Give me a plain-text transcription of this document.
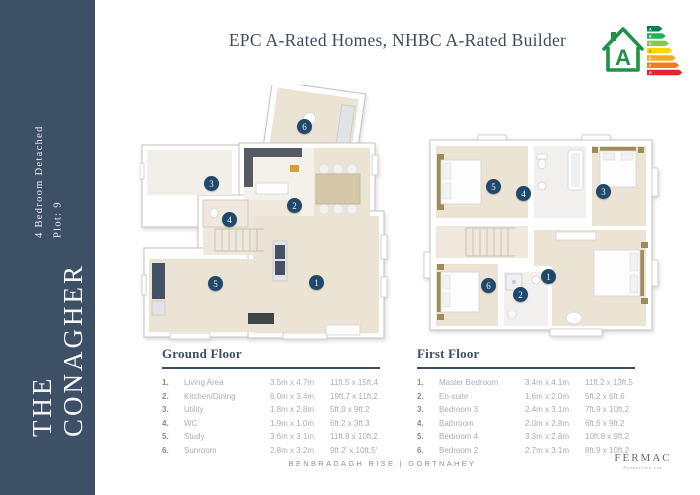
4 Bedroom Detached Plot: 9
THE CONAGHER
EPC A-Rated Homes, NHBC A-Rated Builder
A
A
B
C
D
E
F
G
1
2
3
4
5
6
1
2
3
4
5
6
Ground Floor
1.	Living Area	3.5m x 4.7m	11ft.5 x 15ft.4
2.	Kitchen/Dining	6.0m x 3.4m	19ft.7 x 11ft.2
3.	Utility	1.8m x 2.8m	5ft.9 x 9ft.2
4.	WC	1.9m x 1.0m	6ft.2 x 3ft.3
5.	Study	3.6m x 3.1m	11ft.8 x 10ft.2
6.	Sunroom	2.8m x 3.2m	9ft.2' x 10ft.5'
First Floor
1.	Master Bedroom	3.4m x 4.1m	11ft.2 x 13ft.5
2.	En-suite	1.6m x 2.0m	5ft.2 x 6ft.6
3.	Bedroom 3	2.4m x 3.1m	7ft.9 x 10ft.2
4.	Bathroom	2.0m x 2.8m	6ft.6 x 9ft.2
5.	Bedroom 4	3.3m x 2.8m	10ft.8 x 9ft.2
6.	Bedroom 2	2.7m x 3.1m	8ft.9 x 10ft.2
BENBRADAGH RISE | GORTNAHEY	FERMAC
Properties Ltd
